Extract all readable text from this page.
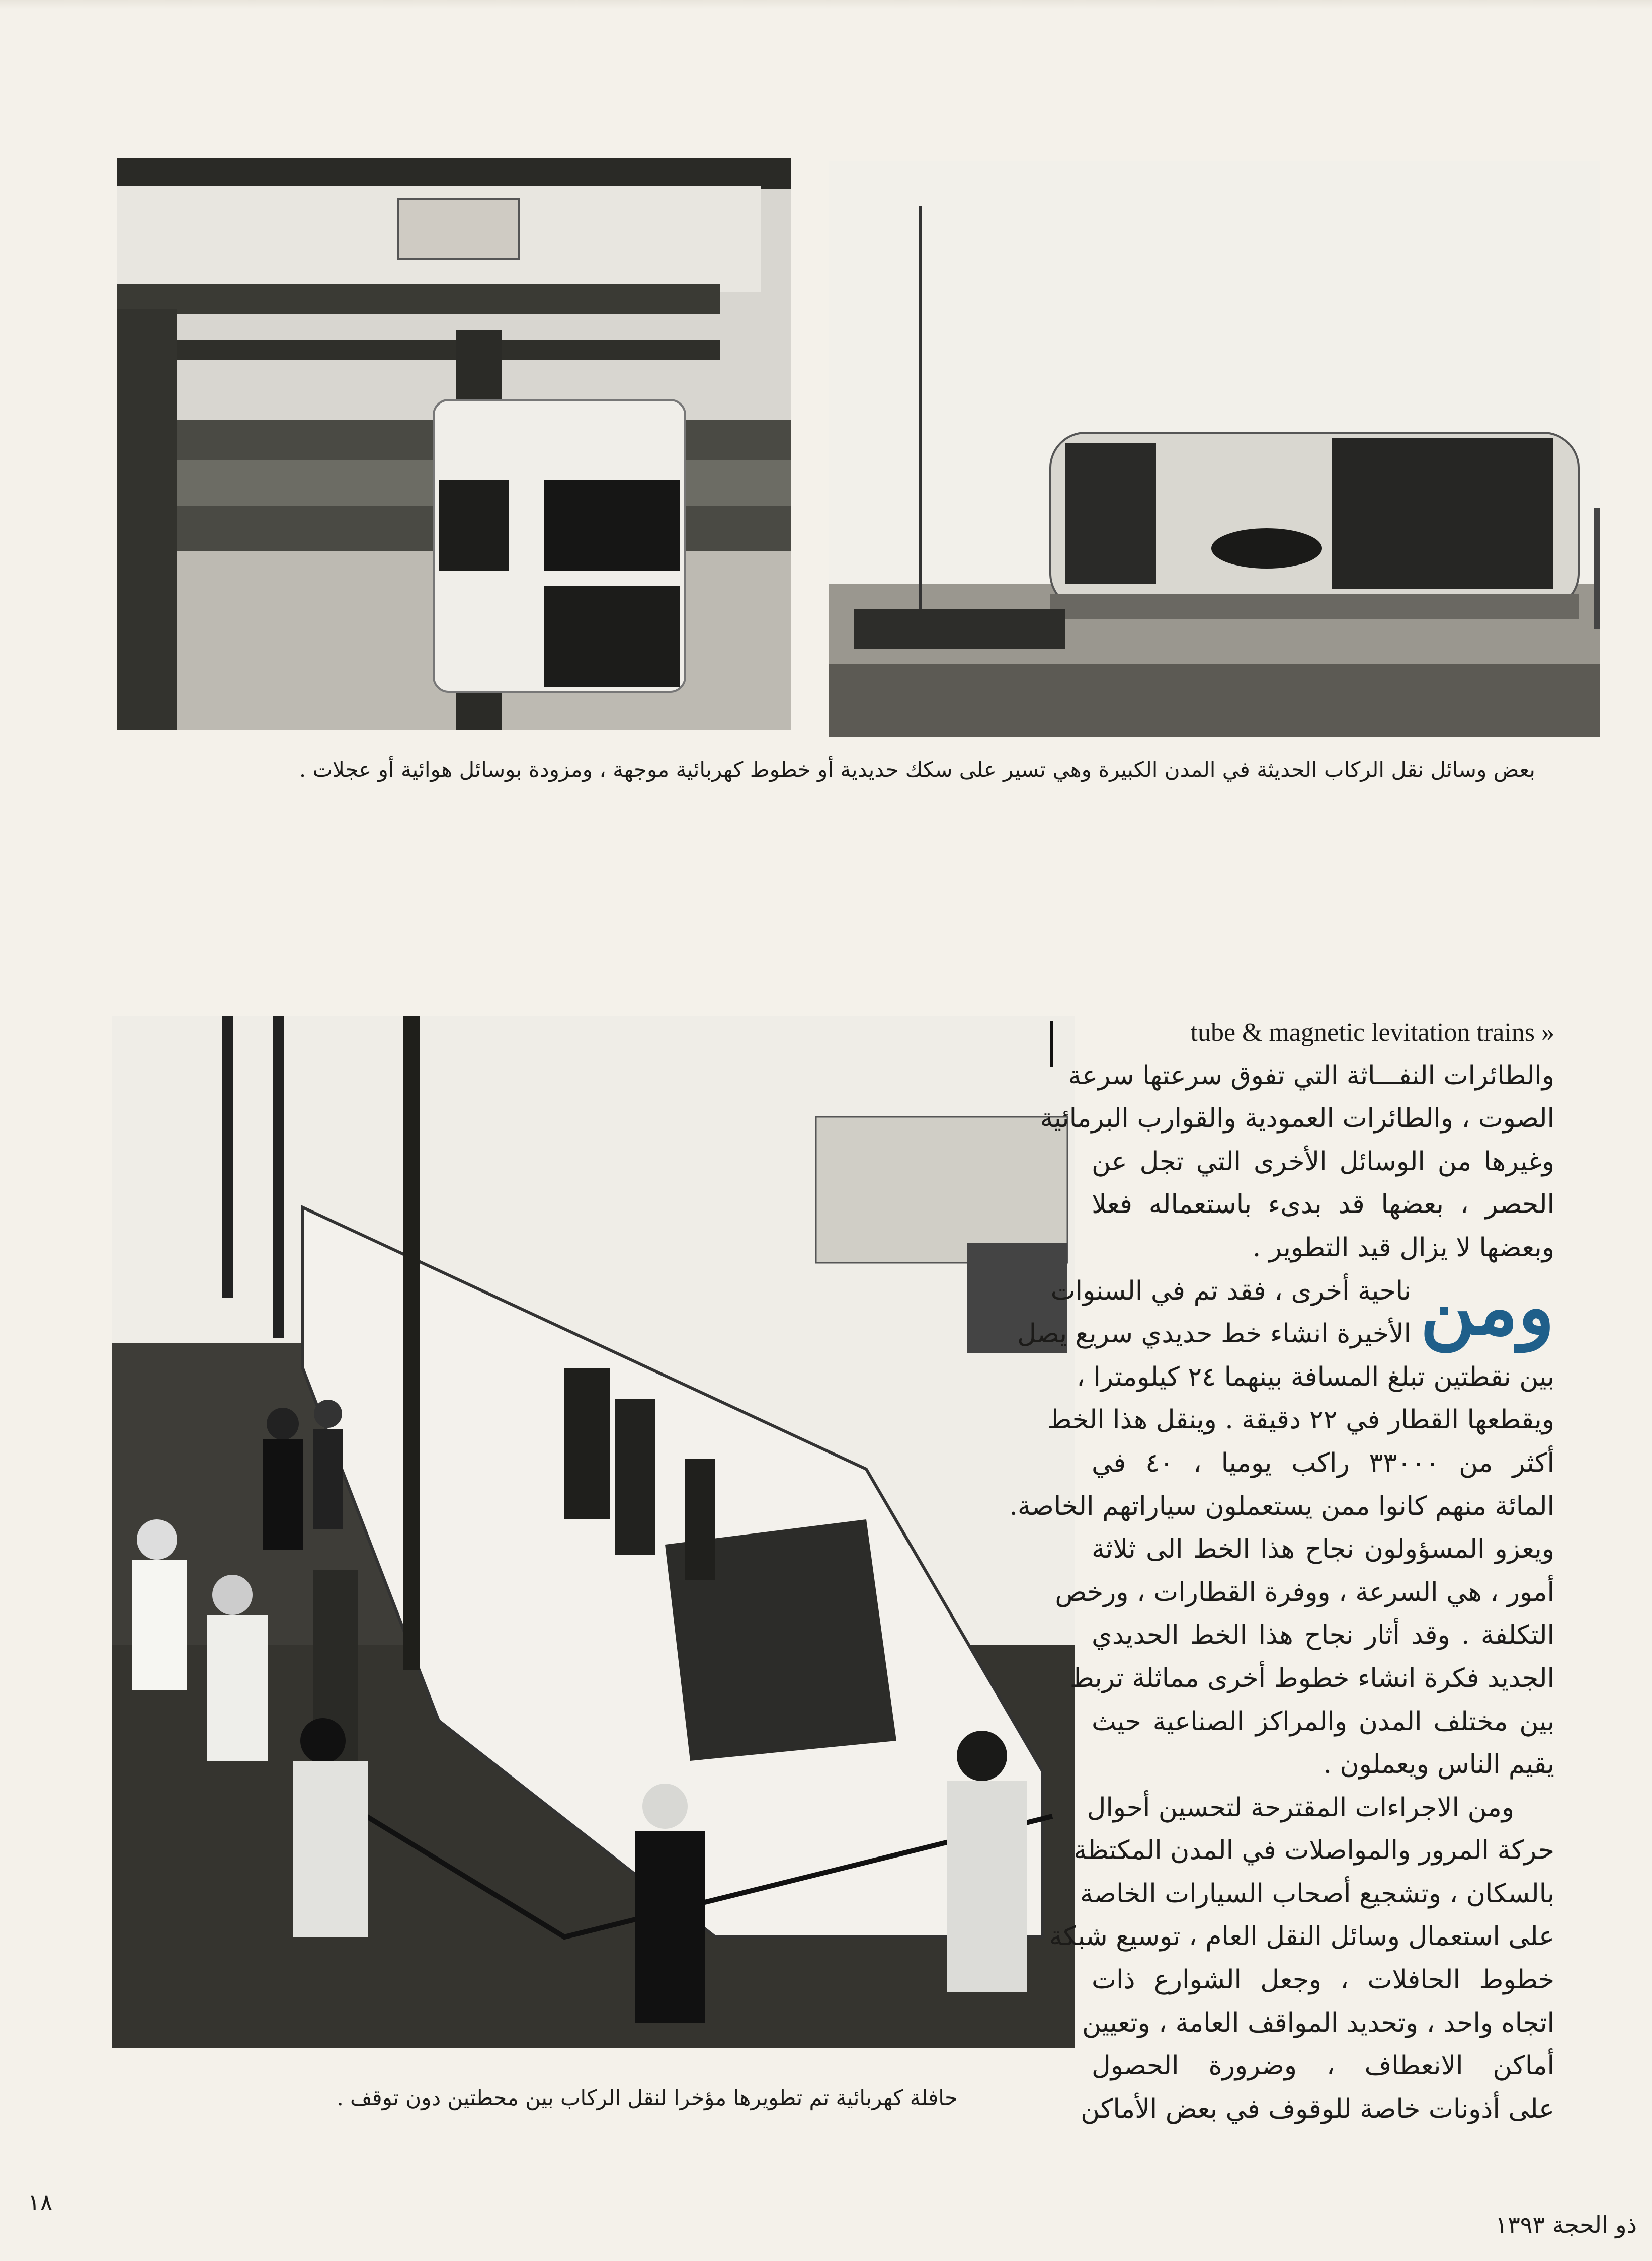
بعض وسائل نقل الركاب الحديثة في المدن الكبيرة وهي تسير على سكك حديدية أو خطوط كهربائية موجهة ، ومزودة بوسائل هوائية أو عجلات .
حافلة كهربائية تم تطويرها مؤخرا لنقل الركاب بين محطتين دون توقف .
tube & magnetic levitation trains »
والطائرات النفـــاثة التي تفوق سرعتها سرعة
الصوت ، والطائرات العمودية والقوارب البرمائية
وغيرها من الوسائل الأخرى التي تجل عن
الحصر ، بعضها قد بدىء باستعماله فعلا
وبعضها لا يزال قيد التطوير .
ومن
ناحية أخرى ، فقد تم في السنوات
الأخيرة انشاء خط حديدي سريع يصل
بين نقطتين تبلغ المسافة بينهما ٢٤ كيلومترا ،
ويقطعها القطار في ٢٢ دقيقة . وينقل هذا الخط
أكثر من ٣٣٠٠٠ راكب يوميا ، ٤٠ في
المائة منهم كانوا ممن يستعملون سياراتهم الخاصة.
ويعزو المسؤولون نجاح هذا الخط الى ثلاثة
أمور ، هي السرعة ، ووفرة القطارات ، ورخص
التكلفة . وقد أثار نجاح هذا الخط الحديدي
الجديد فكرة انشاء خطوط أخرى مماثلة تربط
بين مختلف المدن والمراكز الصناعية حيث
يقيم الناس ويعملون .
ومن الاجراءات المقترحة لتحسين أحوال
حركة المرور والمواصلات في المدن المكتظة
بالسكان ، وتشجيع أصحاب السيارات الخاصة
على استعمال وسائل النقل العام ، توسيع شبكة
خطوط الحافلات ، وجعل الشوارع ذات
اتجاه واحد ، وتحديد المواقف العامة ، وتعيين
أماكن الانعطاف ، وضرورة الحصول
على أذونات خاصة للوقوف في بعض الأماكن
١٨
ذو الحجة ١٣٩٣
